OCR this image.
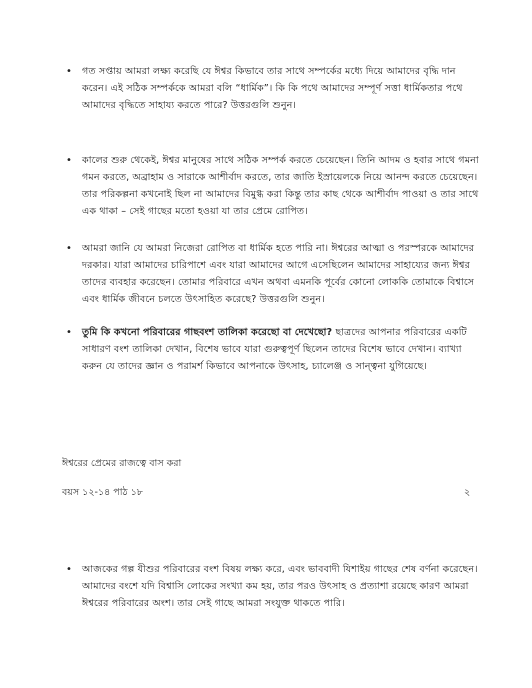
• গত সপ্তায় আমরা লক্ষ্য করেছি যে ঈশ্বর কিভাবে তার সাথে সম্পর্কের মধ্যে দিয়ে আমাদের বৃদ্ধি দান করেন। এই সঠিক সম্পর্ককে আমরা বলি “ধার্মিক”। কি কি পথে আমাদের সম্পূর্ণ সত্তা ধার্মিকতার পথে আমাদের বৃদ্ধিতে সাহায্য করতে পারে? উত্তরগুলি শুনুন।

• কালের শুরু থেকেই, ঈশ্বর মানুষের সাথে সঠিক সম্পর্ক করতে চেয়েছেন। তিনি আদম ও হবার সাথে গমনা গমন করতে, অব্রাহাম ও সারাকে আশীর্বাদ করতে, তার জাতি ইস্রায়েলকে নিয়ে আনন্দ করতে চেয়েছেন। তার পরিকল্পনা কখনোই ছিল না আমাদের বিমুগ্ধ করা কিন্তু তার কাছ থেকে আশীর্বাদ পাওয়া ও তার সাথে এক থাকা – সেই গাছের মতো হওয়া যা তার প্রেমে রোপিত।

• আমরা জানি যে আমরা নিজেরা রোপিত বা ধার্মিক হতে পারি না। ঈশ্বরের আত্মা ও পরস্পরকে আমাদের দরকার। যারা আমাদের চারিপাশে এবং যারা আমাদের আগে এসেছিলেন আমাদের সাহায্যের জন্য ঈশ্বর তাদের ব্যবহার করেছেন। তোমার পরিবারে এখন অথবা এমনকি পূর্বের কোনো লোককি তোমাকে বিশ্বাসে এবং ধার্মিক জীবনে চলতে উৎসাহিত করেছে? উত্তরগুলি শুনুন।

• তুমি কি কখনো পরিবারের গাছবংশ তালিকা করেছো বা দেখেছো? ছাত্রদের আপনার পরিবারের একটি সাধারণ বংশ তালিকা দেখান, বিশেষ ভাবে যারা গুরুত্বপূর্ণ ছিলেন তাদের বিশেষ ভাবে দেখান। ব্যাখ্যা করুন যে তাদের জ্ঞান ও পরামর্শ কিভাবে আপনাকে উৎসাহ, চ্যালেঞ্জ ও সান্ত্বনা যুগিয়েছে।

ঈশ্বরের প্রেমের রাজত্বে বাস করা
বয়স ১২-১৪ পাঠ ১৮	২
• আজকের গল্প যীশুর পরিবারের বংশ বিষয় লক্ষ্য করে, এবং ভাববাদী যিশাইয় গাছের শেষ বর্ণনা করেছেন। আমাদের বংশে যদি বিশ্বাসি লোকের সংখ্যা কম হয়, তার পরও উৎসাহ ও প্রত্যাশা রয়েছে কারণ আমরা ঈশ্বরের পরিবারের অংশ। তার সেই গাছে আমরা সংযুক্ত থাকতে পারি।
